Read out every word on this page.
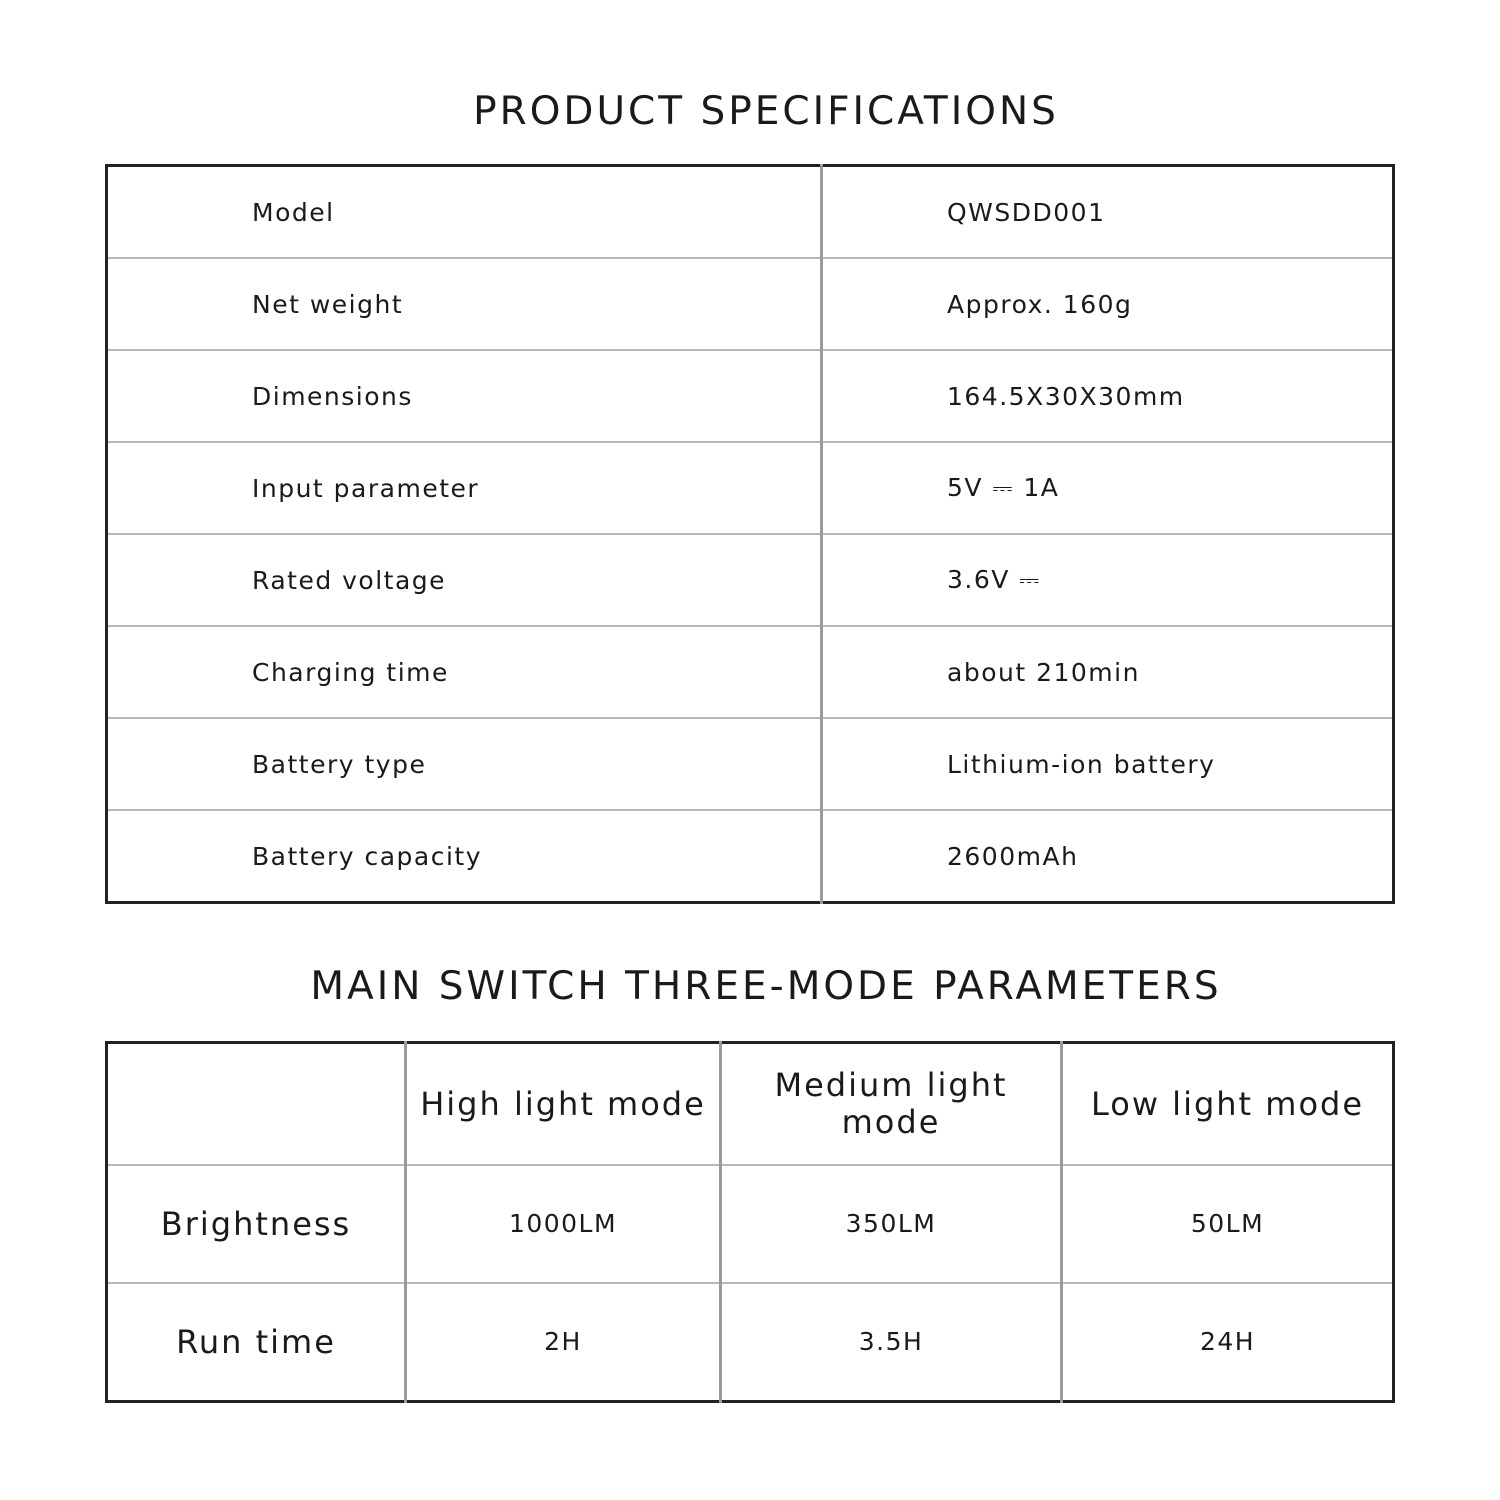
PRODUCT SPECIFICATIONS
Model	QWSDD001
Net weight	Approx. 160g
Dimensions	164.5X30X30mm
Input parameter	5V ⎓ 1A
Rated voltage	3.6V ⎓
Charging time	about 210min
Battery type	Lithium-ion battery
Battery capacity	2600mAh
MAIN SWITCH THREE-MODE PARAMETERS
	High light mode	Medium light mode	Low light mode
Brightness	1000LM	350LM	50LM
Run time	2H	3.5H	24H
